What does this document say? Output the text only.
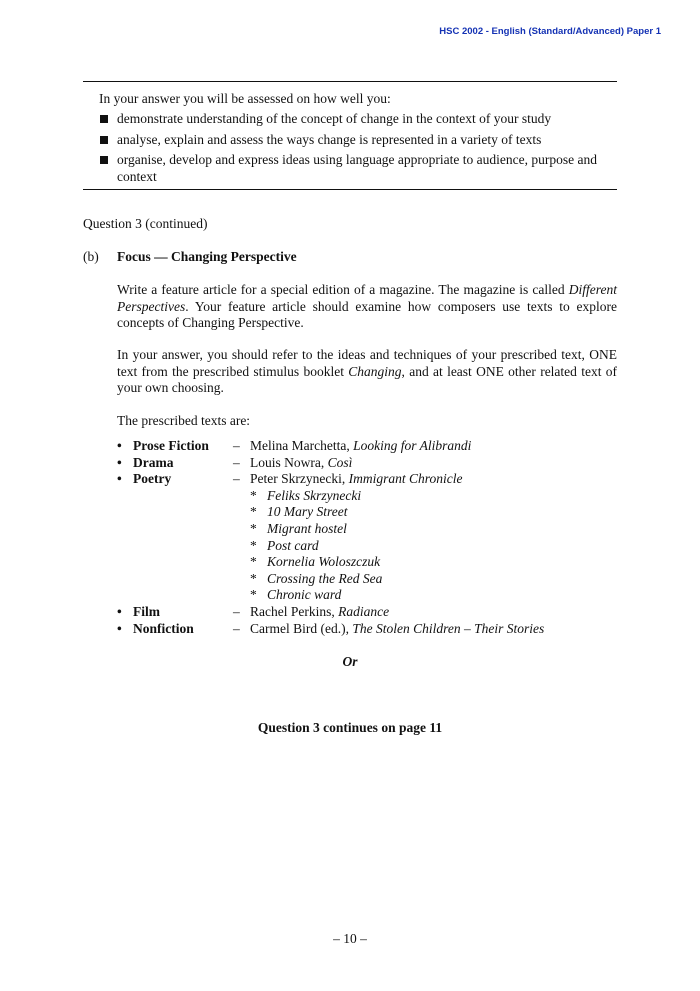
HSC 2002 - English (Standard/Advanced) Paper 1
In your answer you will be assessed on how well you:
demonstrate understanding of the concept of change in the context of your study
analyse, explain and assess the ways change is represented in a variety of texts
organise, develop and express ideas using language appropriate to audience, purpose and context
Question 3 (continued)
(b) Focus — Changing Perspective

Write a feature article for a special edition of a magazine. The magazine is called Different Perspectives. Your feature article should examine how composers use texts to explore concepts of Changing Perspective.

In your answer, you should refer to the ideas and techniques of your prescribed text, ONE text from the prescribed stimulus booklet Changing, and at least ONE other related text of your own choosing.

The prescribed texts are:

• Prose Fiction – Melina Marchetta, Looking for Alibrandi
• Drama	– Louis Nowra, Così
• Poetry	– Peter Skrzynecki, Immigrant Chronicle
* Feliks Skrzynecki
* 10 Mary Street
* Migrant hostel
* Post card
* Kornelia Woloszczuk
* Crossing the Red Sea
* Chronic ward
• Film	– Rachel Perkins, Radiance
• Nonfiction	– Carmel Bird (ed.), The Stolen Children – Their Stories
Or
Question 3 continues on page 11
– 10 –
